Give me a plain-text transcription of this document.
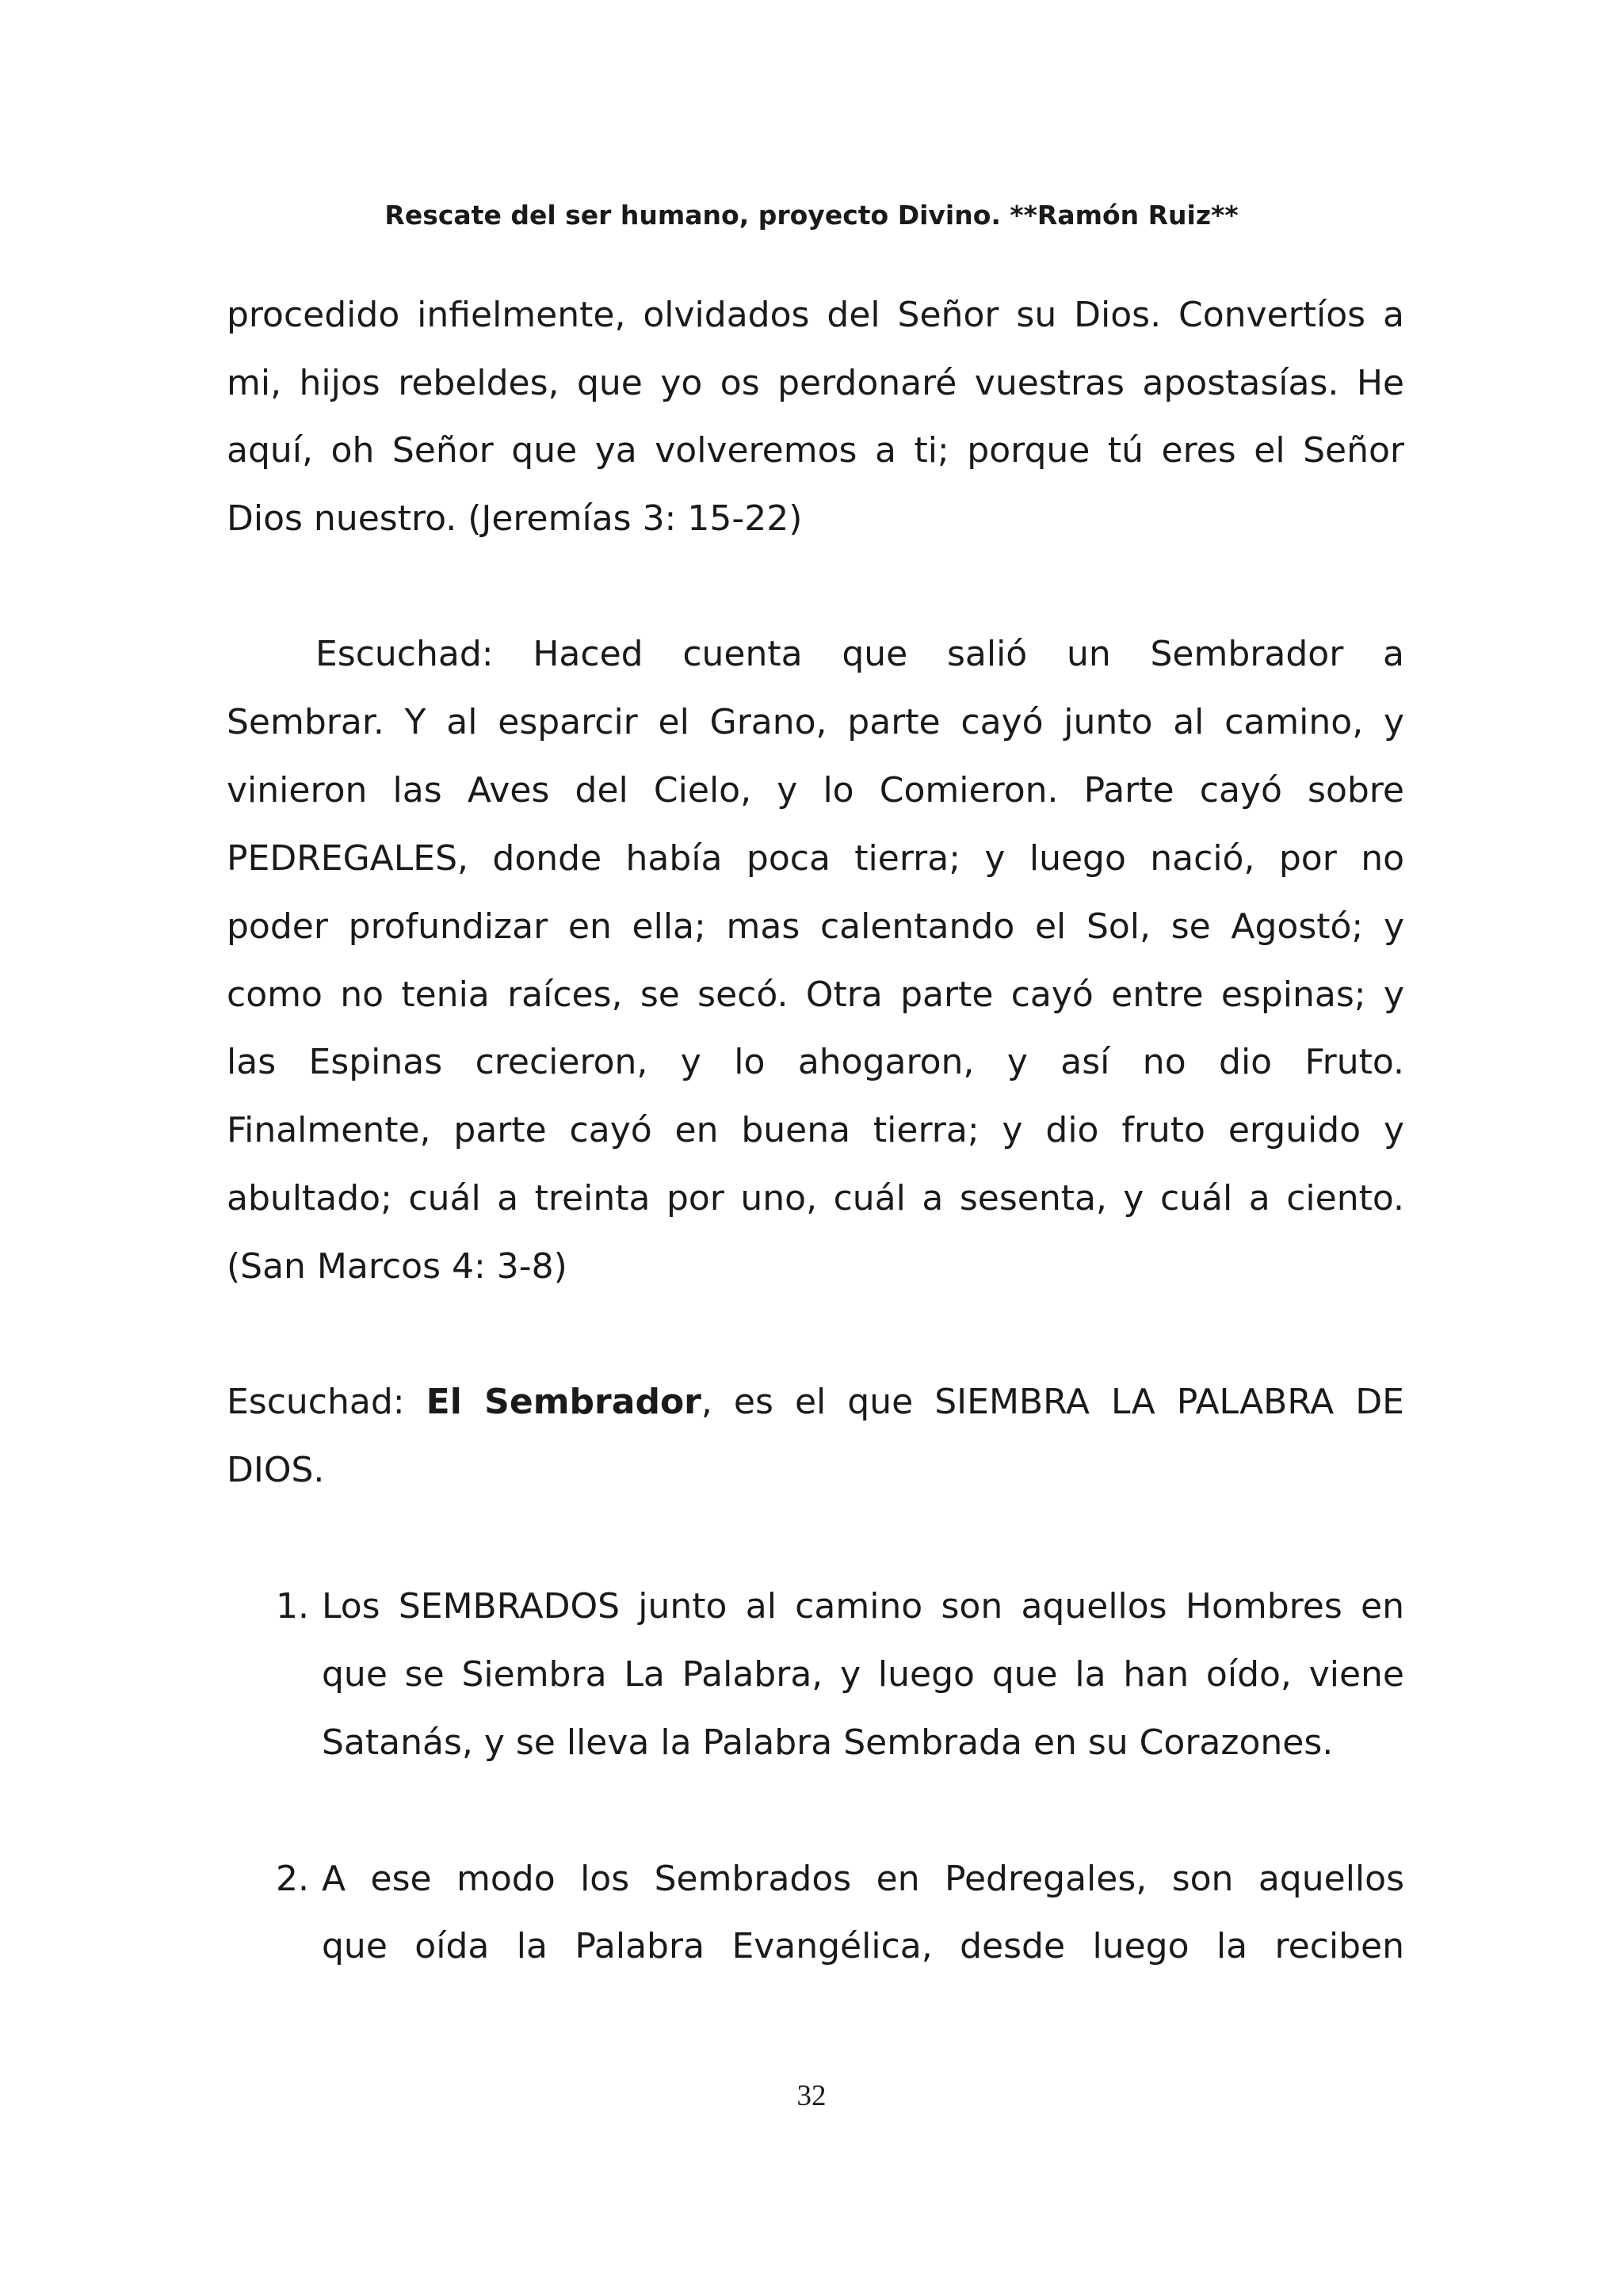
Rescate del ser humano, proyecto Divino. **Ramón Ruiz**
procedido infielmente, olvidados del Señor su Dios. Convertíos a
mi, hijos rebeldes, que yo os perdonaré vuestras apostasías. He
aquí, oh Señor que ya volveremos a ti; porque tú eres el Señor
Dios nuestro. (Jeremías 3: 15-22)
Escuchad: Haced cuenta que salió un Sembrador a
Sembrar. Y al esparcir el Grano, parte cayó junto al camino, y
vinieron las Aves del Cielo, y lo Comieron. Parte cayó sobre
PEDREGALES, donde había poca tierra; y luego nació, por no
poder profundizar en ella; mas calentando el Sol, se Agostó; y
como no tenia raíces, se secó. Otra parte cayó entre espinas; y
las Espinas crecieron, y lo ahogaron, y así no dio Fruto.
Finalmente, parte cayó en buena tierra; y dio fruto erguido y
abultado; cuál a treinta por uno, cuál a sesenta, y cuál a ciento.
(San Marcos 4: 3-8)
Escuchad: El Sembrador, es el que SIEMBRA LA PALABRA DE
DIOS.
1. Los SEMBRADOS junto al camino son aquellos Hombres en
que se Siembra La Palabra, y luego que la han oído, viene
Satanás, y se lleva la Palabra Sembrada en su Corazones.
2. A ese modo los Sembrados en Pedregales, son aquellos
que oída la Palabra Evangélica, desde luego la reciben
32
